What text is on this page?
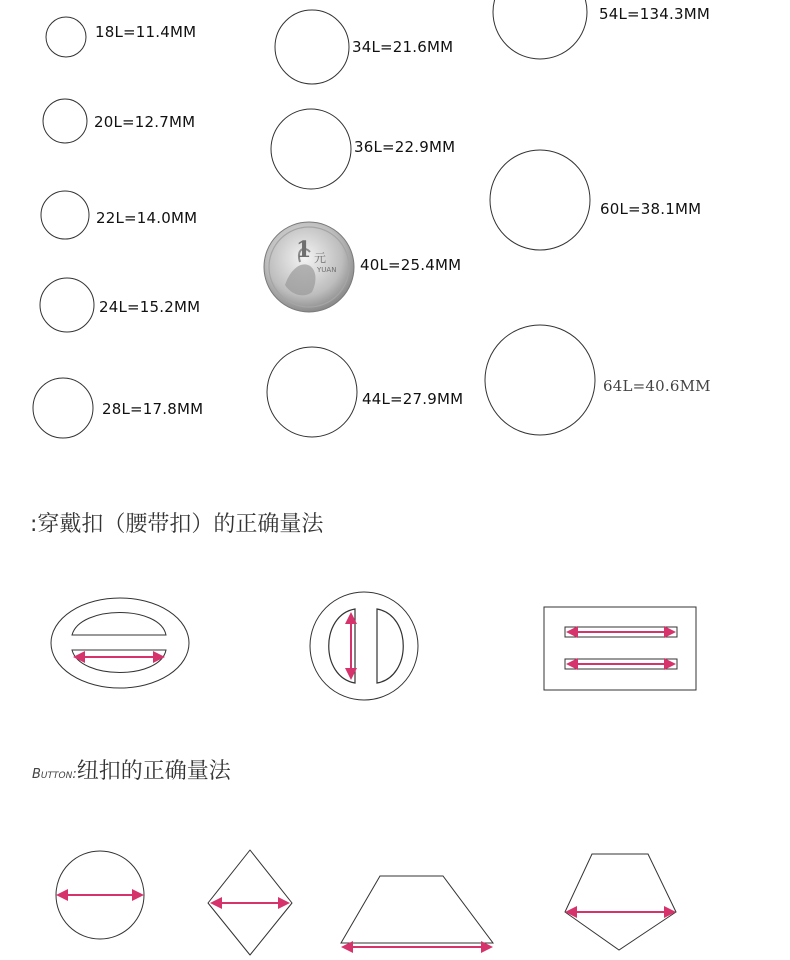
1 元
YUAN
18L=11.4MM
20L=12.7MM
22L=14.0MM
24L=15.2MM
28L=17.8MM
34L=21.6MM
36L=22.9MM
40L=25.4MM
44L=27.9MM
54L=134.3MM
60L=38.1MM
64L=40.6MM
:穿戴扣（腰带扣）的正确量法
Button:纽扣的正确量法
